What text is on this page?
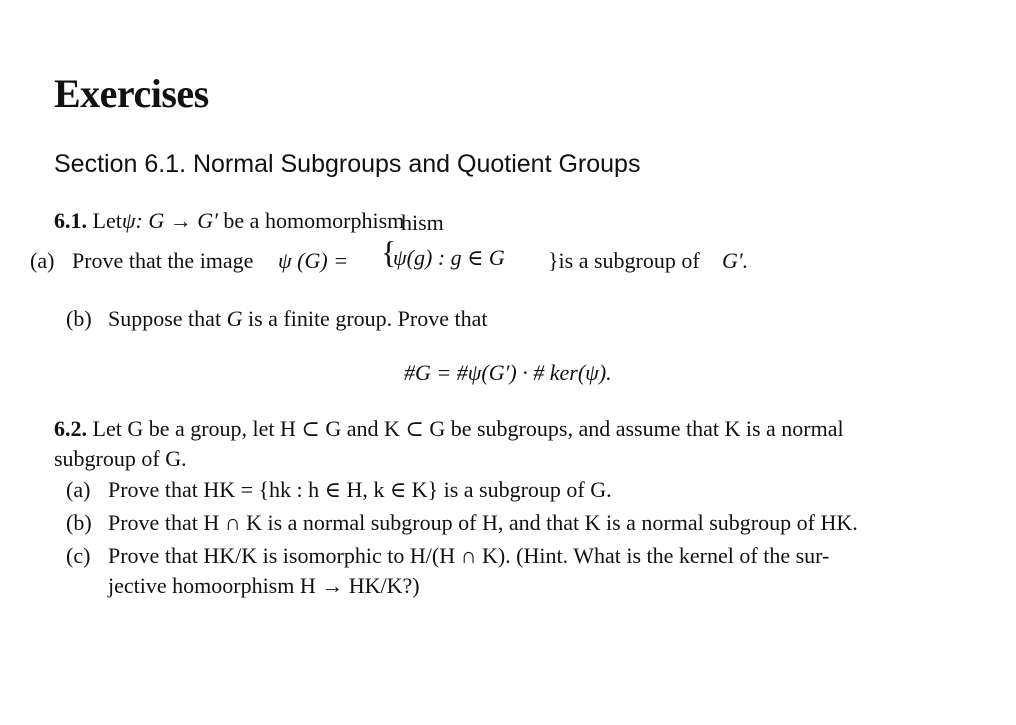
Exercises
Section 6.1. Normal Subgroups and Quotient Groups
6.1. Letψ: G → G′ be a homomorphism
hism
(a) Prove that the image ψ (G) = {
ψ(g) : g ∈ G }is a subgroup of G′.
(b) Suppose that G is a finite group. Prove that
#G = #ψ(G′) · # ker(ψ).
6.2. Let G be a group, let H ⊂ G and K ⊂ G be subgroups, and assume that K is a normal
subgroup of G.
(a) Prove that HK = {hk : h ∈ H, k ∈ K} is a subgroup of G.
(b) Prove that H ∩ K is a normal subgroup of H, and that K is a normal subgroup of HK.
(c) Prove that HK/K is isomorphic to H/(H ∩ K). (Hint. What is the kernel of the sur-
jective homoorphism H → HK/K?)
